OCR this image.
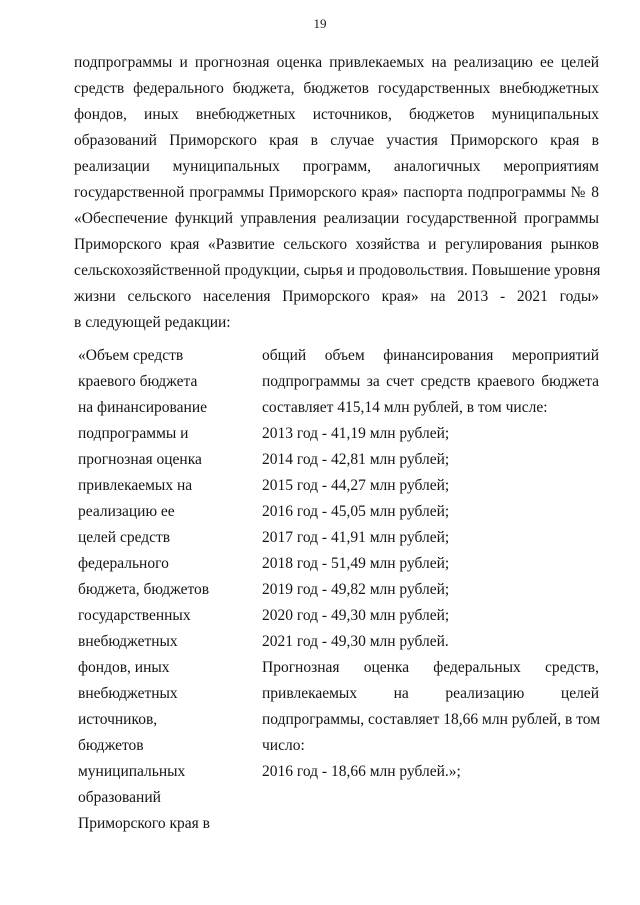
19
подпрограммы и прогнозная оценка привлекаемых на реализацию ее целей
средств федерального бюджета, бюджетов государственных внебюджетных
фондов, иных внебюджетных источников, бюджетов муниципальных
образований Приморского края в случае участия Приморского края в
реализации муниципальных программ, аналогичных мероприятиям
государственной программы Приморского края» паспорта подпрограммы № 8
«Обеспечение функций управления реализации государственной программы
Приморского края «Развитие сельского хозяйства и регулирования рынков
сельскохозяйственной продукции, сырья и продовольствия. Повышение уровня
жизни сельского населения Приморского края» на 2013 - 2021 годы»
в следующей редакции:
«Объем средств
краевого бюджета
на финансирование
подпрограммы и
прогнозная оценка
привлекаемых на
реализацию ее
целей средств
федерального
бюджета, бюджетов
государственных
внебюджетных
фондов, иных
внебюджетных
источников,
бюджетов
муниципальных
образований
Приморского края в
общий объем финансирования мероприятий
подпрограммы за счет средств краевого бюджета
составляет 415,14 млн рублей, в том числе:
2013 год - 41,19 млн рублей;
2014 год - 42,81 млн рублей;
2015 год - 44,27 млн рублей;
2016 год - 45,05 млн рублей;
2017 год - 41,91 млн рублей;
2018 год - 51,49 млн рублей;
2019 год - 49,82 млн рублей;
2020 год - 49,30 млн рублей;
2021 год - 49,30 млн рублей.
Прогнозная оценка федеральных средств,
привлекаемых на реализацию целей
подпрограммы, составляет 18,66 млн рублей, в том
число:
2016 год - 18,66 млн рублей.»;
